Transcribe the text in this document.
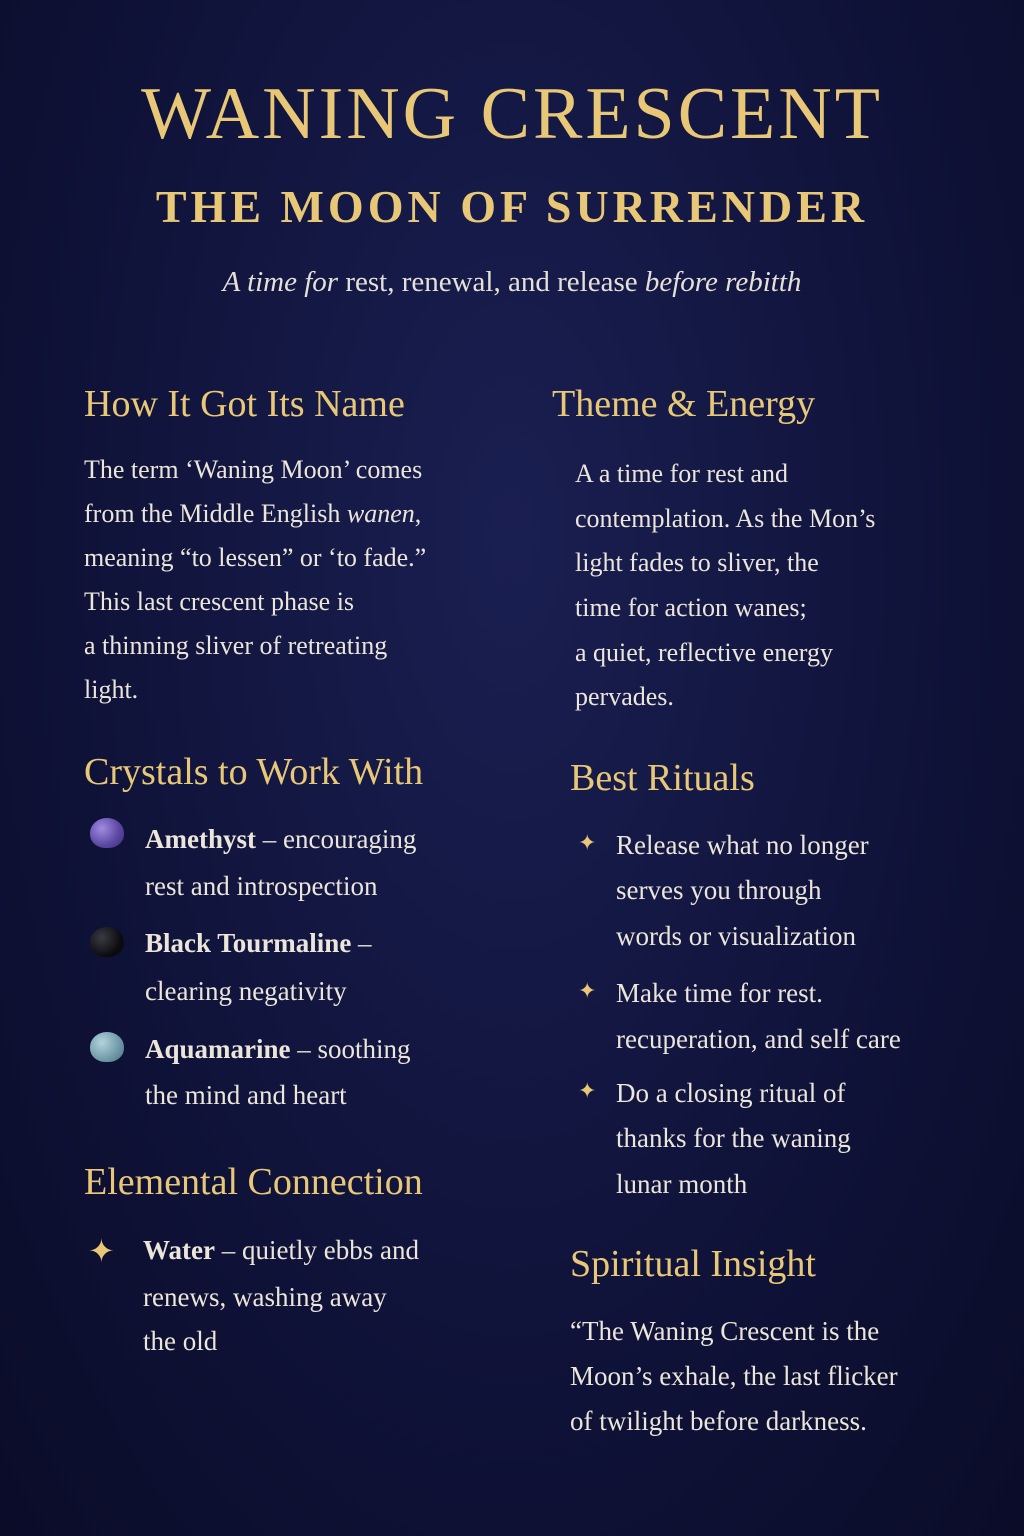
WANING CRESCENT
THE MOON OF SURRENDER
A time for rest, renewal, and release before rebitth
How It Got Its Name
The term ‘Waning Moon’ comes
from the Middle English wanen,
meaning “to lessen” or ‘to fade.”
This last crescent phase is
a thinning sliver of retreating
light.
Theme & Energy
A a time for rest and
contemplation. As the Mon’s
light fades to sliver, the
time for action wanes;
a quiet, reflective energy
pervades.
Crystals to Work With
Amethyst – encouraging
rest and introspection
Black Tourmaline –
clearing negativity
Aquamarine – soothing
the mind and heart
Best Rituals
✦ Release what no longer
serves you through
words or visualization
✦ Make time for rest.
recuperation, and self care
✦ Do a closing ritual of
thanks for the waning
lunar month
Elemental Connection
✦ Water – quietly ebbs and
renews, washing away
the old
Spiritual Insight
“The Waning Crescent is the
Moon’s exhale, the last flicker
of twilight before darkness.
